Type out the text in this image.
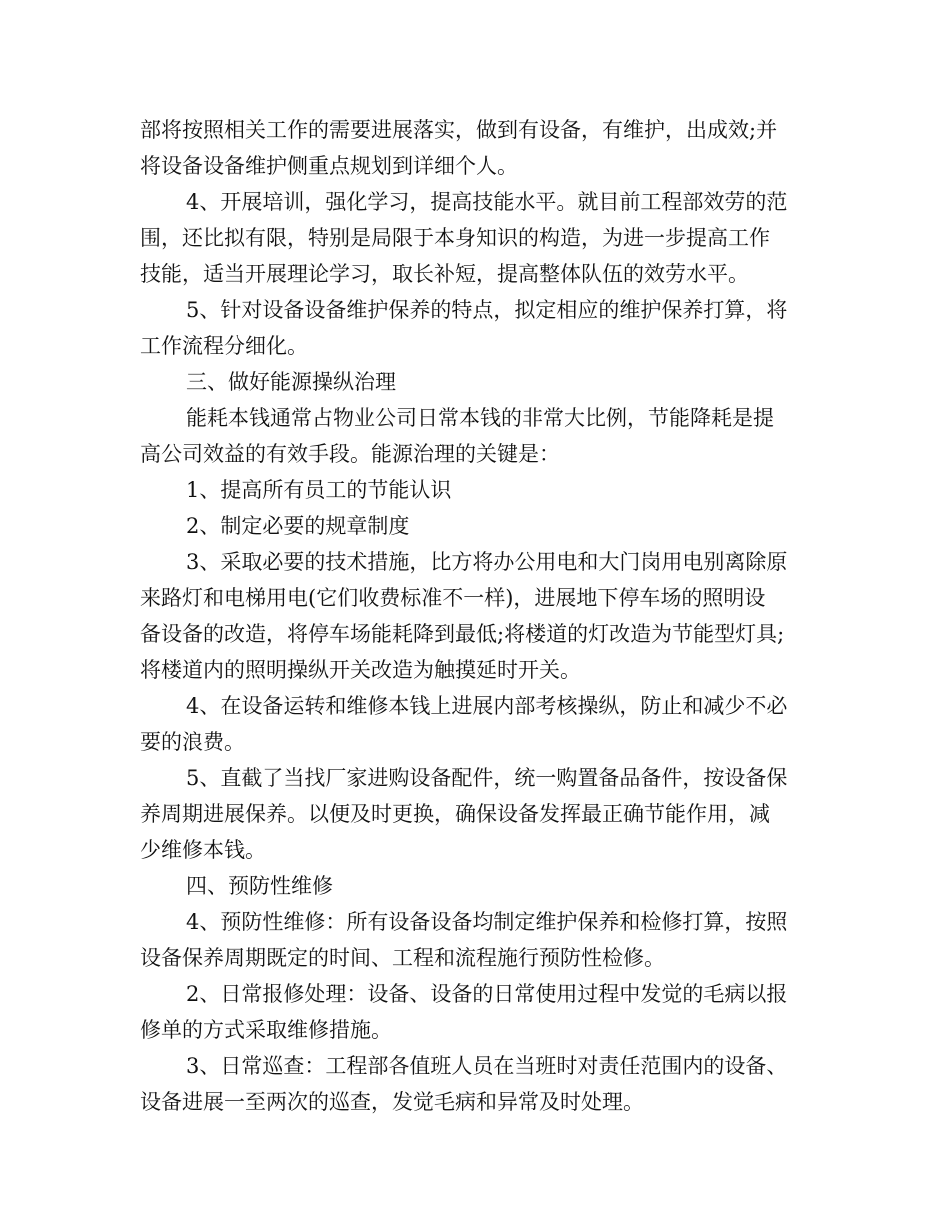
部将按照相关工作的需要进展落实，做到有设备，有维护，出成效;并
将设备设备维护侧重点规划到详细个人。
4、开展培训，强化学习，提高技能水平。就目前工程部效劳的范
围，还比拟有限，特别是局限于本身知识的构造，为进一步提高工作
技能，适当开展理论学习，取长补短，提高整体队伍的效劳水平。
5、针对设备设备维护保养的特点，拟定相应的维护保养打算，将
工作流程分细化。
三、做好能源操纵治理
能耗本钱通常占物业公司日常本钱的非常大比例，节能降耗是提
高公司效益的有效手段。能源治理的关键是：
1、提高所有员工的节能认识
2、制定必要的规章制度
3、采取必要的技术措施，比方将办公用电和大门岗用电别离除原
来路灯和电梯用电(它们收费标准不一样)，进展地下停车场的照明设
备设备的改造，将停车场能耗降到最低;将楼道的灯改造为节能型灯具;
将楼道内的照明操纵开关改造为触摸延时开关。
4、在设备运转和维修本钱上进展内部考核操纵，防止和减少不必
要的浪费。
5、直截了当找厂家进购设备配件，统一购置备品备件，按设备保
养周期进展保养。以便及时更换，确保设备发挥最正确节能作用，减
少维修本钱。
四、预防性维修
4、预防性维修：所有设备设备均制定维护保养和检修打算，按照
设备保养周期既定的时间、工程和流程施行预防性检修。
2、日常报修处理：设备、设备的日常使用过程中发觉的毛病以报
修单的方式采取维修措施。
3、日常巡查：工程部各值班人员在当班时对责任范围内的设备、
设备进展一至两次的巡查，发觉毛病和异常及时处理。
